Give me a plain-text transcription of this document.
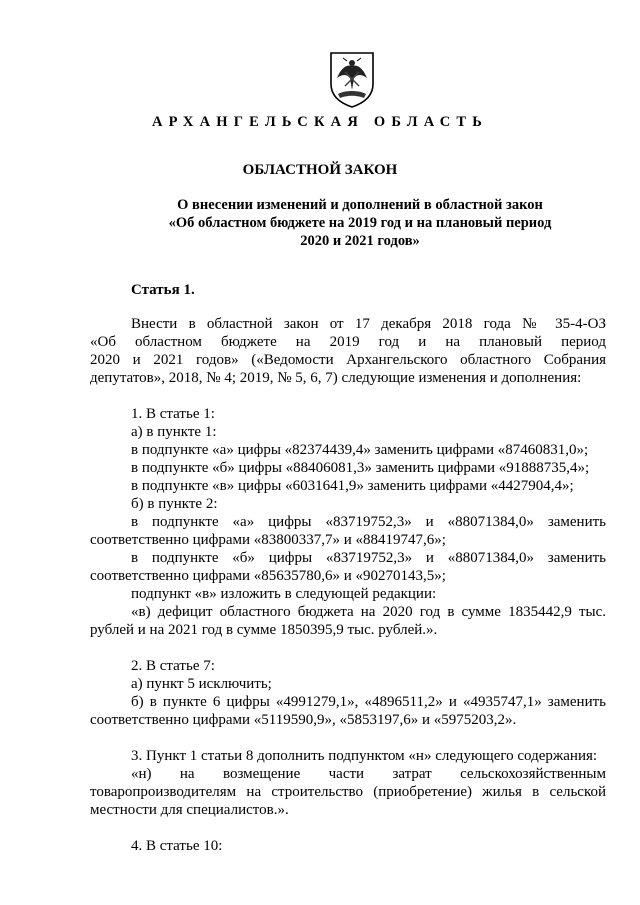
АРХАНГЕЛЬСКАЯ ОБЛАСТЬ
ОБЛАСТНОЙ ЗАКОН
О внесении изменений и дополнений в областной закон
«Об областном бюджете на 2019 год и на плановый период
2020 и 2021 годов»
Статья 1.

Внести в областной закон от 17 декабря 2018 года № 35-4-ОЗ

«Об областном бюджете на 2019 год и на плановый период

2020 и 2021 годов» («Ведомости Архангельского областного Собрания

депутатов», 2018, № 4; 2019, № 5, 6, 7) следующие изменения и дополнения:

1. В статье 1:

а) в пункте 1:

в подпункте «а» цифры «82374439,4» заменить цифрами «87460831,0»;

в подпункте «б» цифры «88406081,3» заменить цифрами «91888735,4»;

в подпункте «в» цифры «6031641,9» заменить цифрами «4427904,4»;

б) в пункте 2:

в подпункте «а» цифры «83719752,3» и «88071384,0» заменить

соответственно цифрами «83800337,7» и «88419747,6»;

в подпункте «б» цифры «83719752,3» и «88071384,0» заменить

соответственно цифрами «85635780,6» и «90270143,5»;

подпункт «в» изложить в следующей редакции:

«в) дефицит областного бюджета на 2020 год в сумме 1835442,9 тыс.

рублей и на 2021 год в сумме 1850395,9 тыс. рублей.».

2. В статье 7:

а) пункт 5 исключить;

б) в пункте 6 цифры «4991279,1», «4896511,2» и «4935747,1» заменить

соответственно цифрами «5119590,9», «5853197,6» и «5975203,2».

3. Пункт 1 статьи 8 дополнить подпунктом «н» следующего содержания:

«н) на возмещение части затрат сельскохозяйственным

товаропроизводителям на строительство (приобретение) жилья в сельской

местности для специалистов.».

4. В статье 10:
